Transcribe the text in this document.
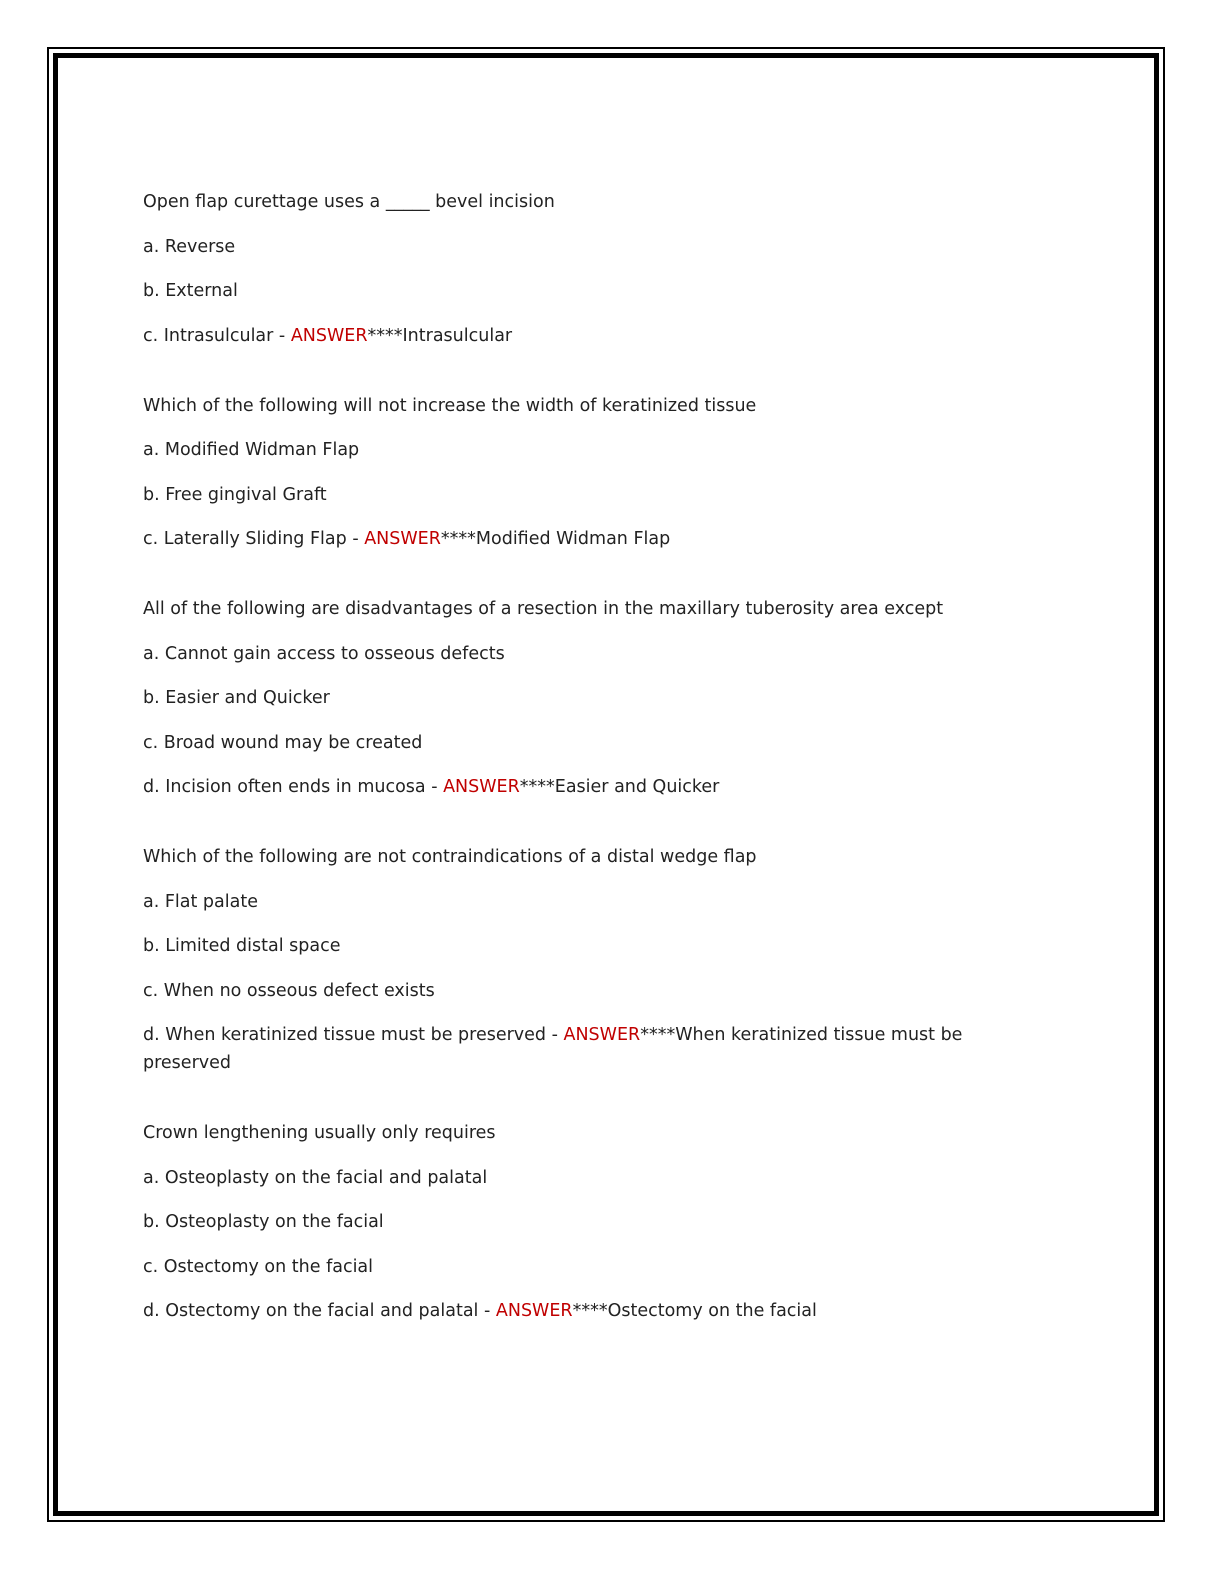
Open flap curettage uses a _____ bevel incision

a. Reverse

b. External

c. Intrasulcular - ANSWER****Intrasulcular

Which of the following will not increase the width of keratinized tissue

a. Modified Widman Flap

b. Free gingival Graft

c. Laterally Sliding Flap - ANSWER****Modified Widman Flap

All of the following are disadvantages of a resection in the maxillary tuberosity area except

a. Cannot gain access to osseous defects

b. Easier and Quicker

c. Broad wound may be created

d. Incision often ends in mucosa - ANSWER****Easier and Quicker

Which of the following are not contraindications of a distal wedge flap

a. Flat palate

b. Limited distal space

c. When no osseous defect exists

d. When keratinized tissue must be preserved - ANSWER****When keratinized tissue must be preserved

Crown lengthening usually only requires

a. Osteoplasty on the facial and palatal

b. Osteoplasty on the facial

c. Ostectomy on the facial

d. Ostectomy on the facial and palatal - ANSWER****Ostectomy on the facial
